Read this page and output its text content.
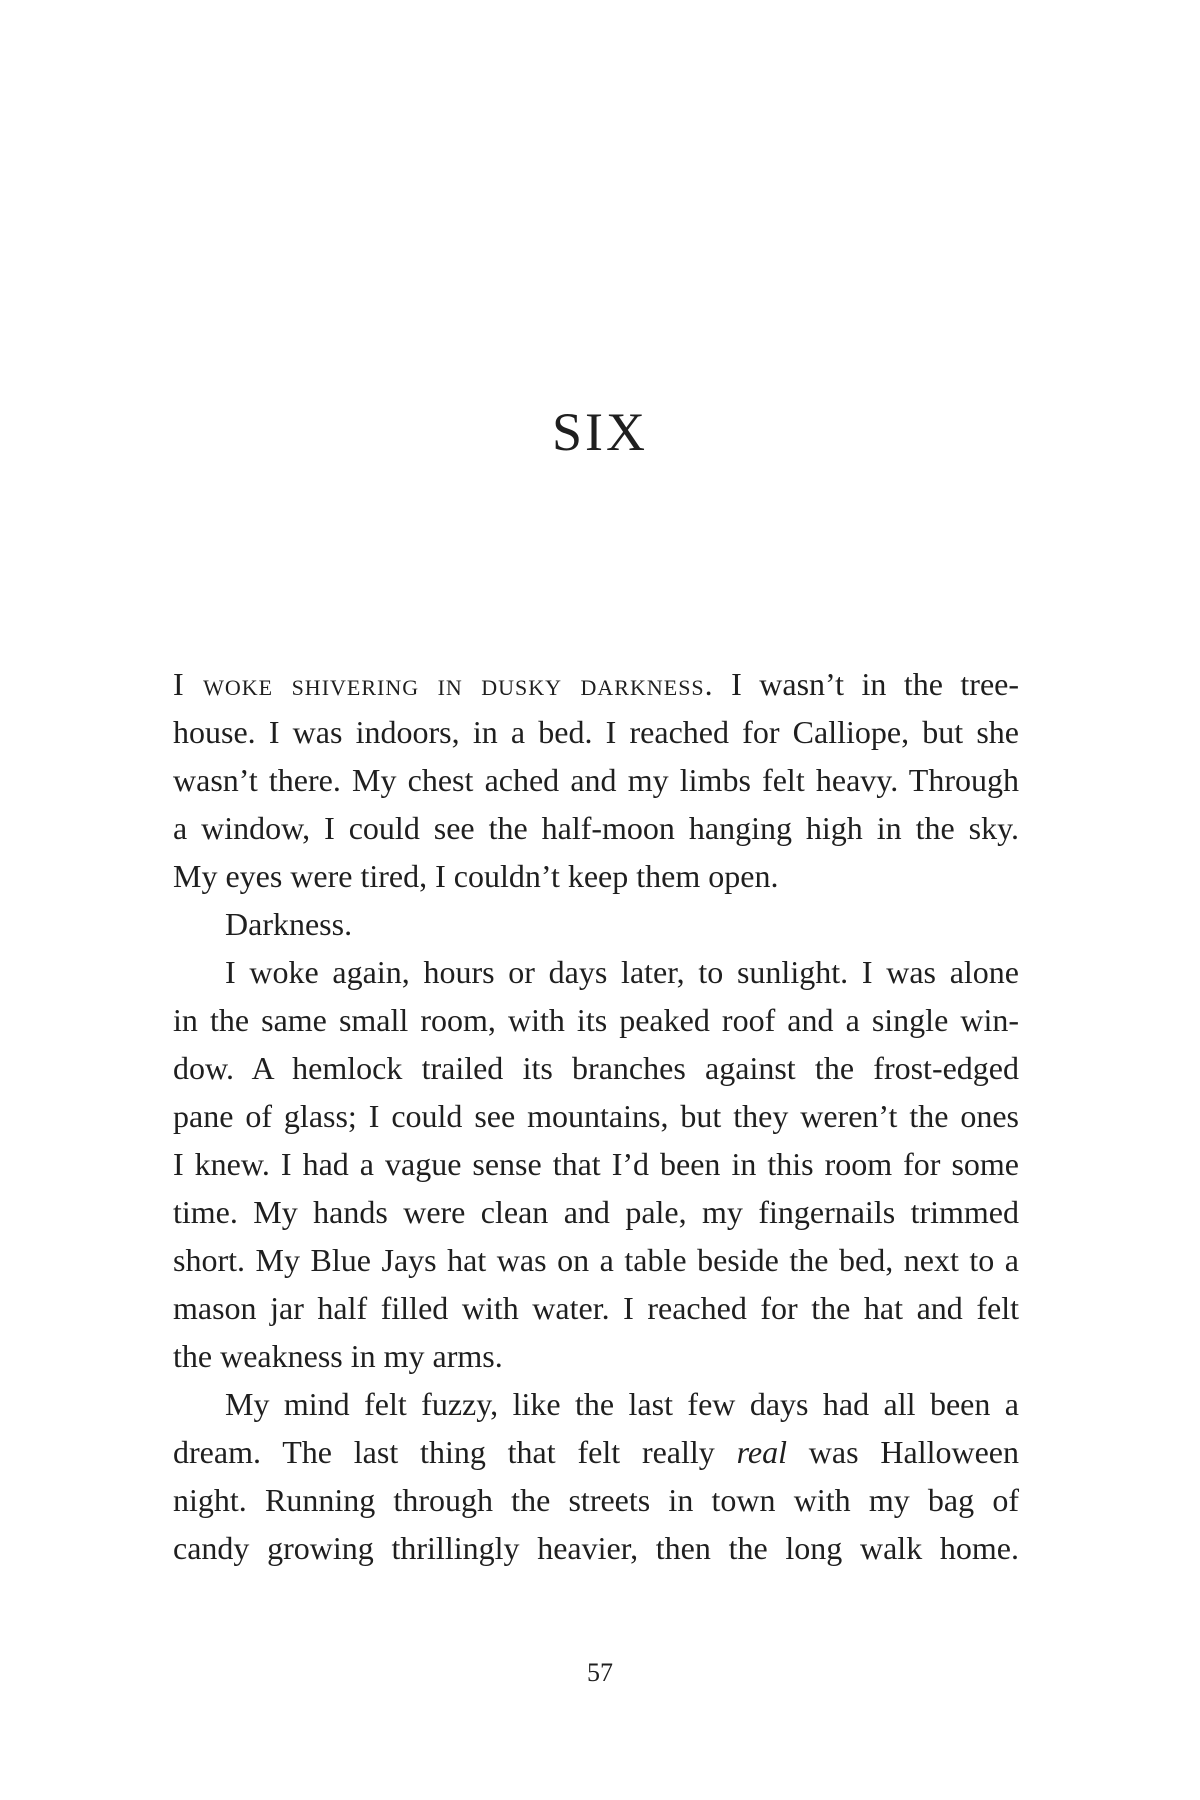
SIX
I woke shivering in dusky darkness. I wasn’t in the tree-
house. I was indoors, in a bed. I reached for Calliope, but she
wasn’t there. My chest ached and my limbs felt heavy. Through
a window, I could see the half-moon hanging high in the sky.
My eyes were tired, I couldn’t keep them open.
Darkness.
I woke again, hours or days later, to sunlight. I was alone
in the same small room, with its peaked roof and a single win-
dow. A hemlock trailed its branches against the frost-edged
pane of glass; I could see mountains, but they weren’t the ones
I knew. I had a vague sense that I’d been in this room for some
time. My hands were clean and pale, my fingernails trimmed
short. My Blue Jays hat was on a table beside the bed, next to a
mason jar half filled with water. I reached for the hat and felt
the weakness in my arms.
My mind felt fuzzy, like the last few days had all been a
dream. The last thing that felt really real was Halloween
night. Running through the streets in town with my bag of
candy growing thrillingly heavier, then the long walk home.
57
